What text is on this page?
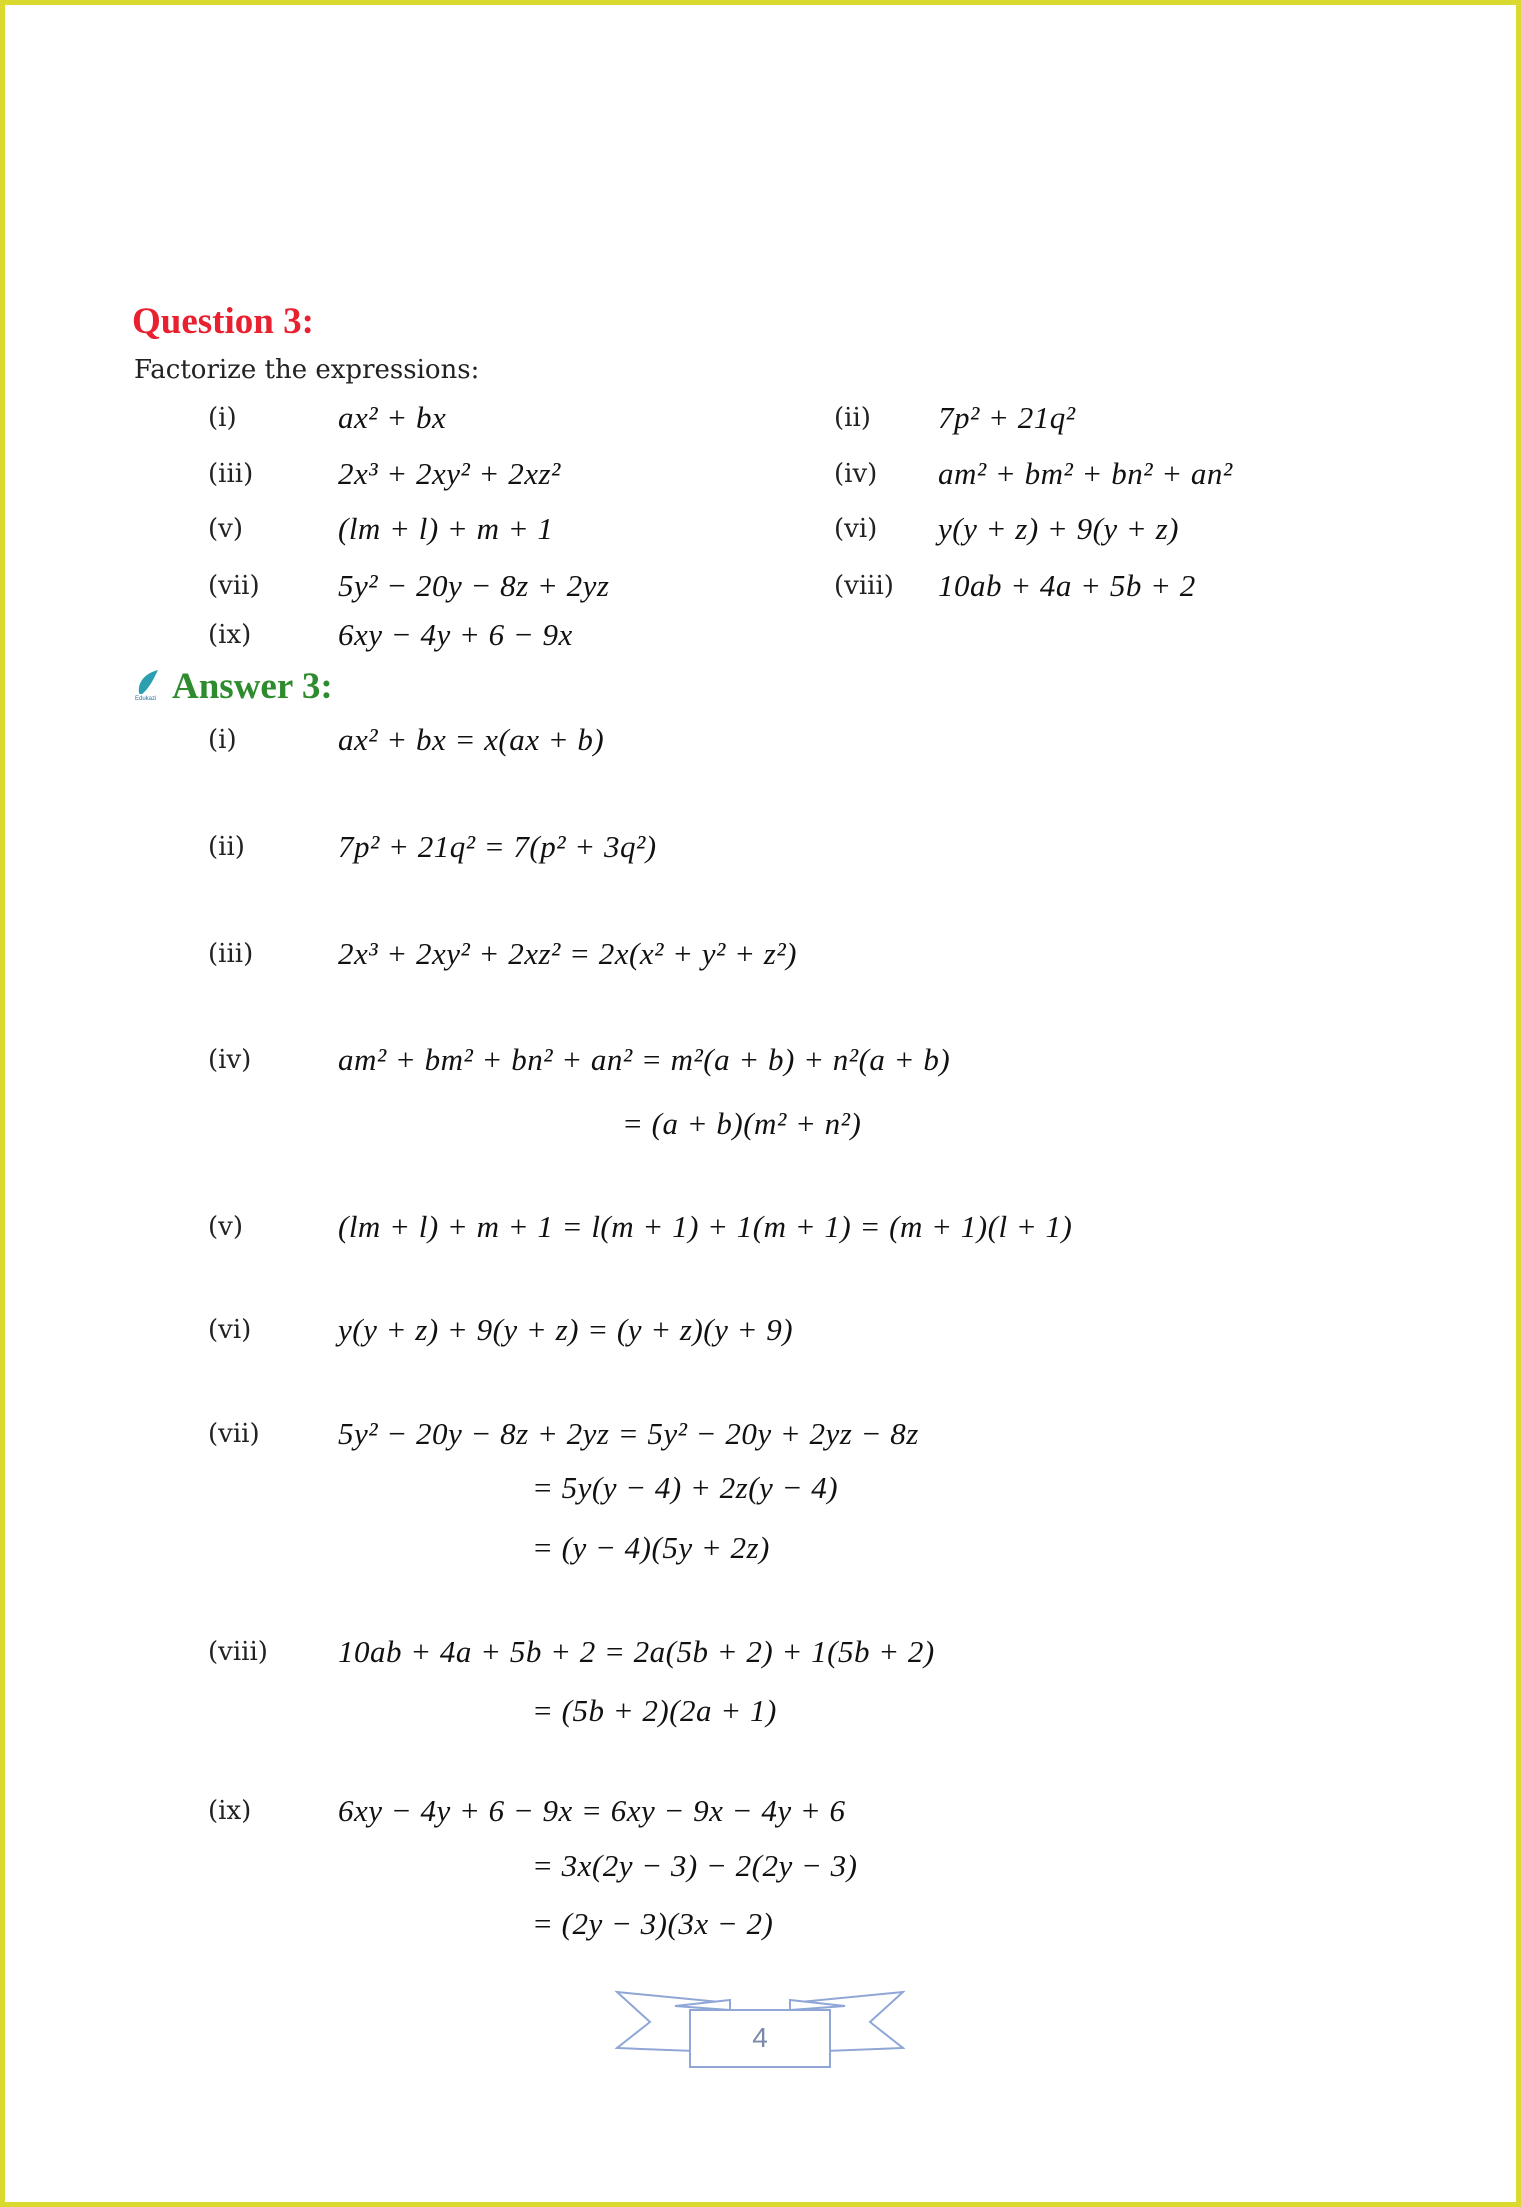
Question 3:
Factorize the expressions:
(i)	ax² + bx	(ii) 7p² + 21q²
(iii)	2x³ + 2xy² + 2xz²	(iv) am² + bm² + bn² + an²
(v)	(lm + l) + m + 1	(vi) y(y + z) + 9(y + z)
(vii)	5y² − 20y − 8z + 2yz	(viii) 10ab + 4a + 5b + 2
(ix)	6xy − 4y + 6 − 9x
Edukazi Answer 3:
(i)	ax² + bx = x(ax + b)
(ii)	7p² + 21q² = 7(p² + 3q²)
(iii)	2x³ + 2xy² + 2xz² = 2x(x² + y² + z²)
(iv)	am² + bm² + bn² + an² = m²(a + b) + n²(a + b)
= (a + b)(m² + n²)
(v)	(lm + l) + m + 1 = l(m + 1) + 1(m + 1) = (m + 1)(l + 1)
(vi)	y(y + z) + 9(y + z) = (y + z)(y + 9)
(vii)	5y² − 20y − 8z + 2yz = 5y² − 20y + 2yz − 8z
= 5y(y − 4) + 2z(y − 4)
= (y − 4)(5y + 2z)
(viii) 10ab + 4a + 5b + 2 = 2a(5b + 2) + 1(5b + 2)
= (5b + 2)(2a + 1)
(ix)	6xy − 4y + 6 − 9x = 6xy − 9x − 4y + 6
= 3x(2y − 3) − 2(2y − 3)
= (2y − 3)(3x − 2)
4
